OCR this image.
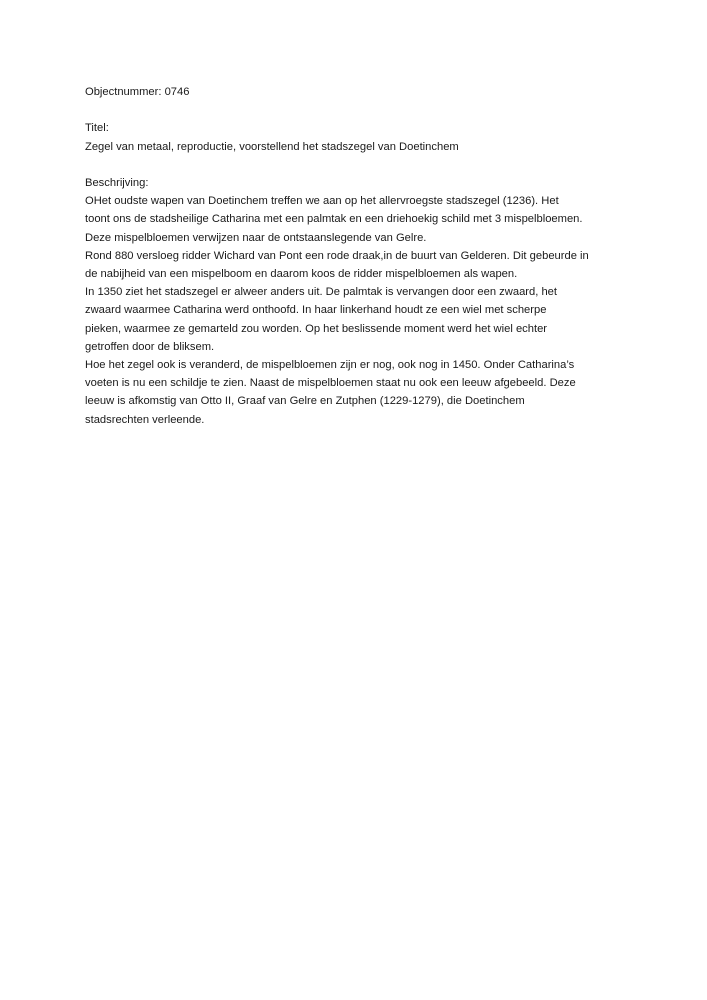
Objectnummer: 0746
Titel:
Zegel van metaal, reproductie, voorstellend het stadszegel van Doetinchem
Beschrijving:
OHet oudste wapen van Doetinchem treffen we aan op het allervroegste stadszegel (1236). Het
toont ons de stadsheilige Catharina met een palmtak en een driehoekig schild met 3 mispelbloemen.
Deze mispelbloemen verwijzen naar de ontstaanslegende van Gelre.
Rond 880 versloeg ridder Wichard van Pont een rode draak,in de buurt van Gelderen. Dit gebeurde in
de nabijheid van een mispelboom en daarom koos de ridder mispelbloemen als wapen.
In 1350 ziet het stadszegel er alweer anders uit. De palmtak is vervangen door een zwaard, het
zwaard waarmee Catharina werd onthoofd. In haar linkerhand houdt ze een wiel met scherpe
pieken, waarmee ze gemarteld zou worden. Op het beslissende moment werd het wiel echter
getroffen door de bliksem.
Hoe het zegel ook is veranderd, de mispelbloemen zijn er nog, ook nog in 1450. Onder Catharina’s
voeten is nu een schildje te zien. Naast de mispelbloemen staat nu ook een leeuw afgebeeld. Deze
leeuw is afkomstig van Otto II, Graaf van Gelre en Zutphen (1229-1279), die Doetinchem
stadsrechten verleende.
